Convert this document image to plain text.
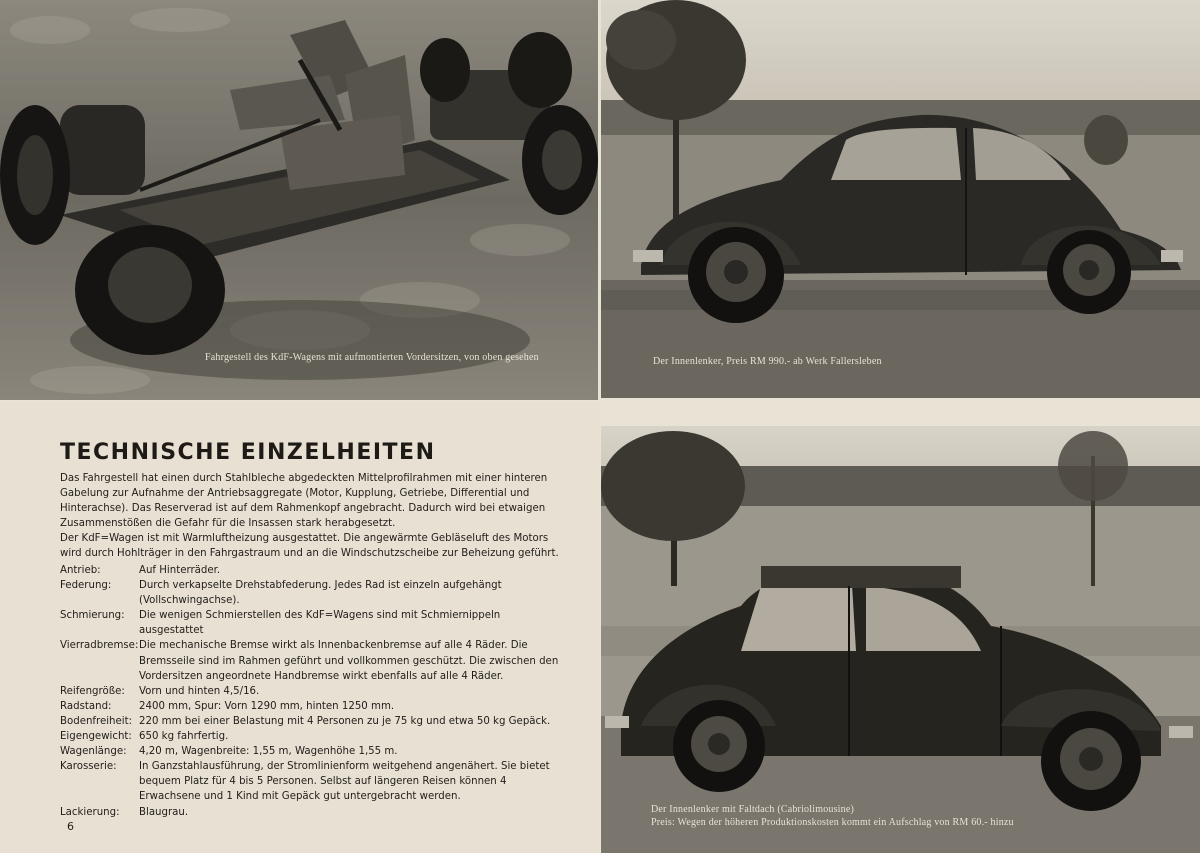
Fahrgestell des KdF-Wagens mit aufmontierten Vordersitzen, von oben gesehen	Der Innenlenker, Preis RM 990.- ab Werk Fallersleben
Der Innenlenker mit Faltdach (Cabriolimousine)
Preis: Wegen der höheren Produktionskosten kommt ein Aufschlag von RM 60.- hinzu
TECHNISCHE EINZELHEITEN

Das Fahrgestell hat einen durch Stahlbleche abgedeckten Mittelprofilrahmen mit einer hinteren Gabelung zur Aufnahme der Antriebsaggregate (Motor, Kupplung, Getriebe, Differential und Hinterachse). Das Reserverad ist auf dem Rahmenkopf angebracht. Dadurch wird bei etwaigen Zusammenstößen die Gefahr für die Insassen stark herabgesetzt.

Der KdF=Wagen ist mit Warmluftheizung ausgestattet. Die angewärmte Gebläseluft des Motors wird durch Hohlträger in den Fahrgastraum und an die Windschutzscheibe zur Beheizung geführt.

Antrieb:	Auf Hinterräder.
Federung:	Durch verkapselte Drehstabfederung. Jedes Rad ist einzeln aufgehängt (Vollschwingachse).
Schmierung:	Die wenigen Schmierstellen des KdF=Wagens sind mit Schmiernippeln ausgestattet
Vierradbremse: Die mechanische Bremse wirkt als Innenbackenbremse auf alle 4 Räder. Die Bremsseile sind im Rahmen geführt und vollkommen geschützt. Die zwischen den Vordersitzen angeordnete Handbremse wirkt ebenfalls auf alle 4 Räder.
Reifengröße:	Vorn und hinten 4,5/16.
Radstand:	2400 mm, Spur: Vorn 1290 mm, hinten 1250 mm.
Bodenfreiheit: 220 mm bei einer Belastung mit 4 Personen zu je 75 kg und etwa 50 kg Gepäck.
Eigengewicht: 650 kg fahrfertig.
Wagenlänge:	4,20 m, Wagenbreite: 1,55 m, Wagenhöhe 1,55 m.
Karosserie:	In Ganzstahlausführung, der Stromlinienform weitgehend angenähert. Sie bietet bequem Platz für 4 bis 5 Personen. Selbst auf längeren Reisen können 4 Erwachsene und 1 Kind mit Gepäck gut untergebracht werden.
Lackierung:	Blaugrau.
6
